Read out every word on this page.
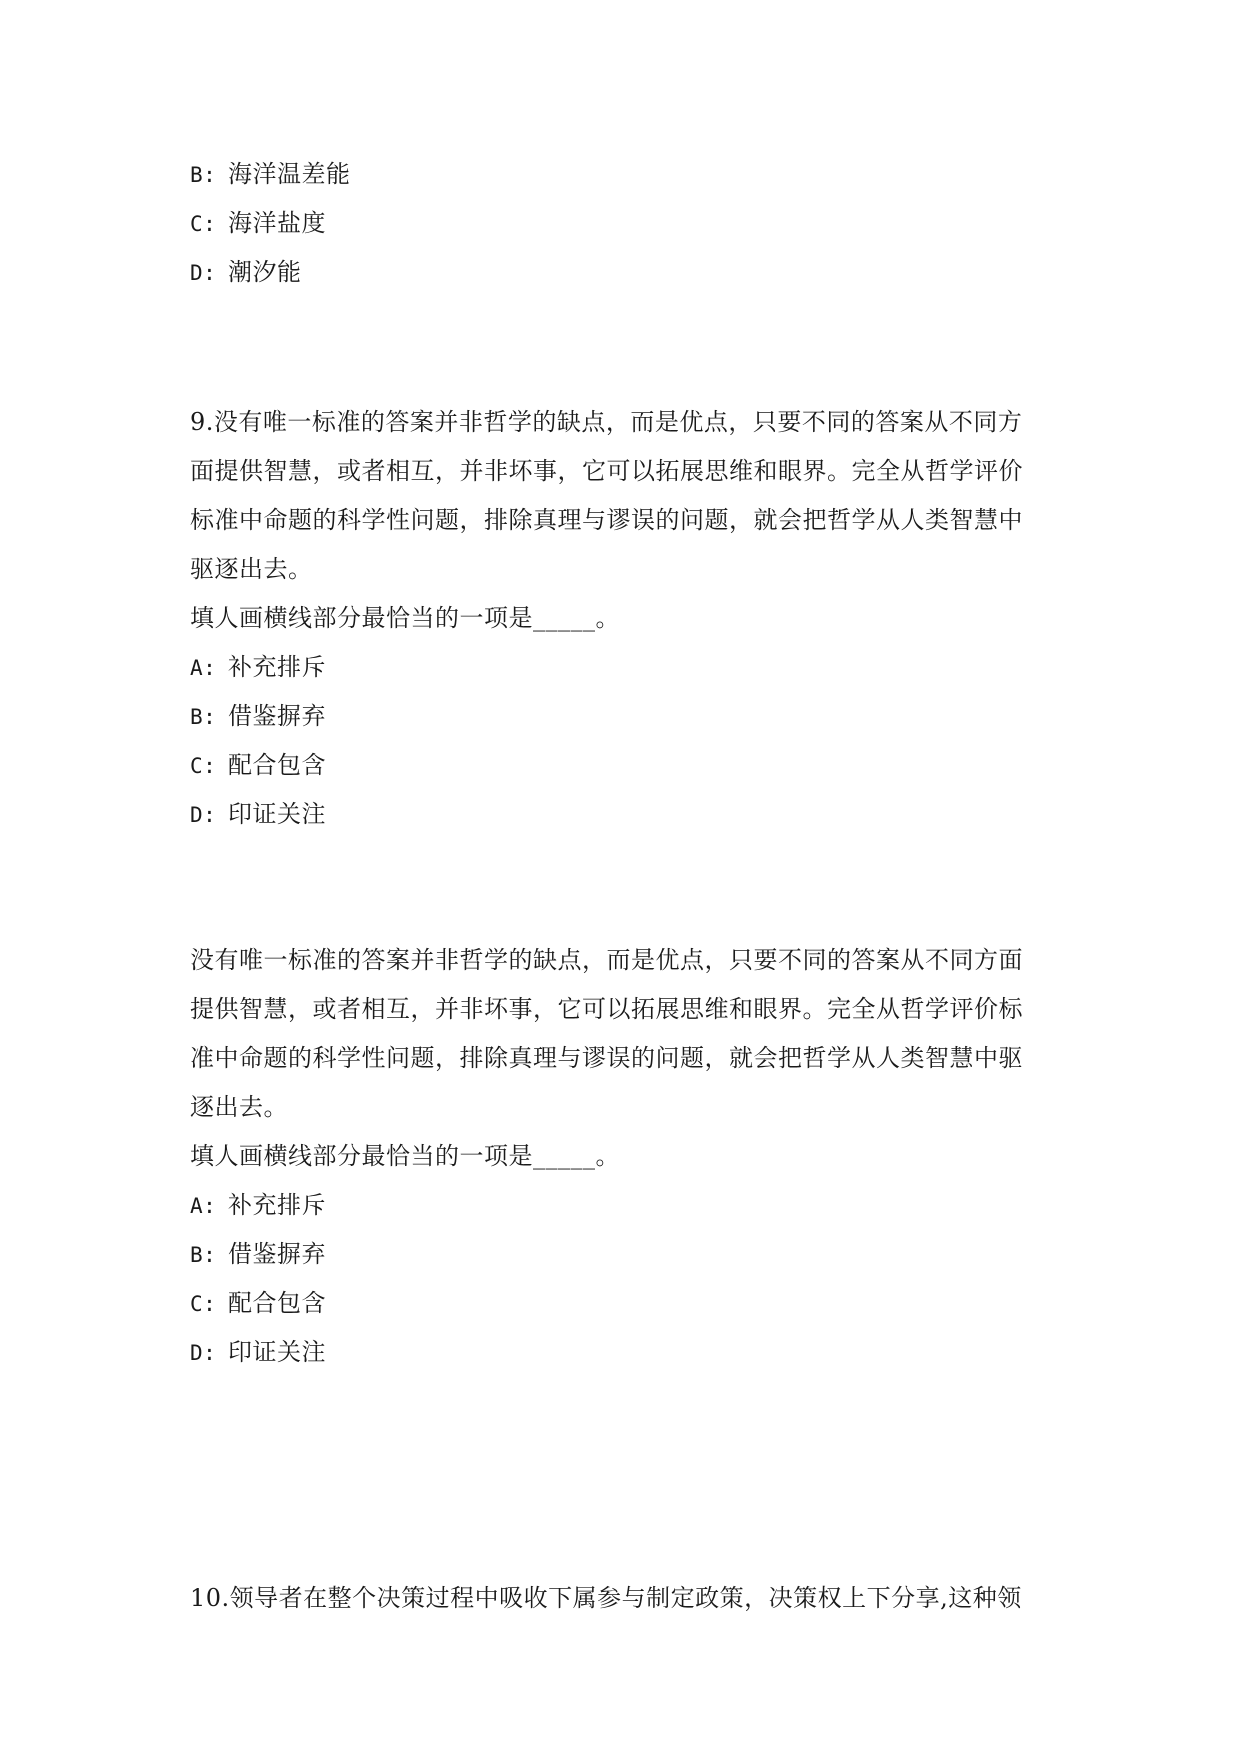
B: 海洋温差能
C: 海洋盐度
D: 潮汐能
9.没有唯一标准的答案并非哲学的缺点，而是优点，只要不同的答案从不同方
面提供智慧，或者相互，并非坏事，它可以拓展思维和眼界。完全从哲学评价
标准中命题的科学性问题，排除真理与谬误的问题，就会把哲学从人类智慧中
驱逐出去。
填人画横线部分最恰当的一项是_____。
A: 补充排斥
B: 借鉴摒弃
C: 配合包含
D: 印证关注
没有唯一标准的答案并非哲学的缺点，而是优点，只要不同的答案从不同方面
提供智慧，或者相互，并非坏事，它可以拓展思维和眼界。完全从哲学评价标
准中命题的科学性问题，排除真理与谬误的问题，就会把哲学从人类智慧中驱
逐出去。
填人画横线部分最恰当的一项是_____。
A: 补充排斥
B: 借鉴摒弃
C: 配合包含
D: 印证关注
10.领导者在整个决策过程中吸收下属参与制定政策，决策权上下分享,这种领
